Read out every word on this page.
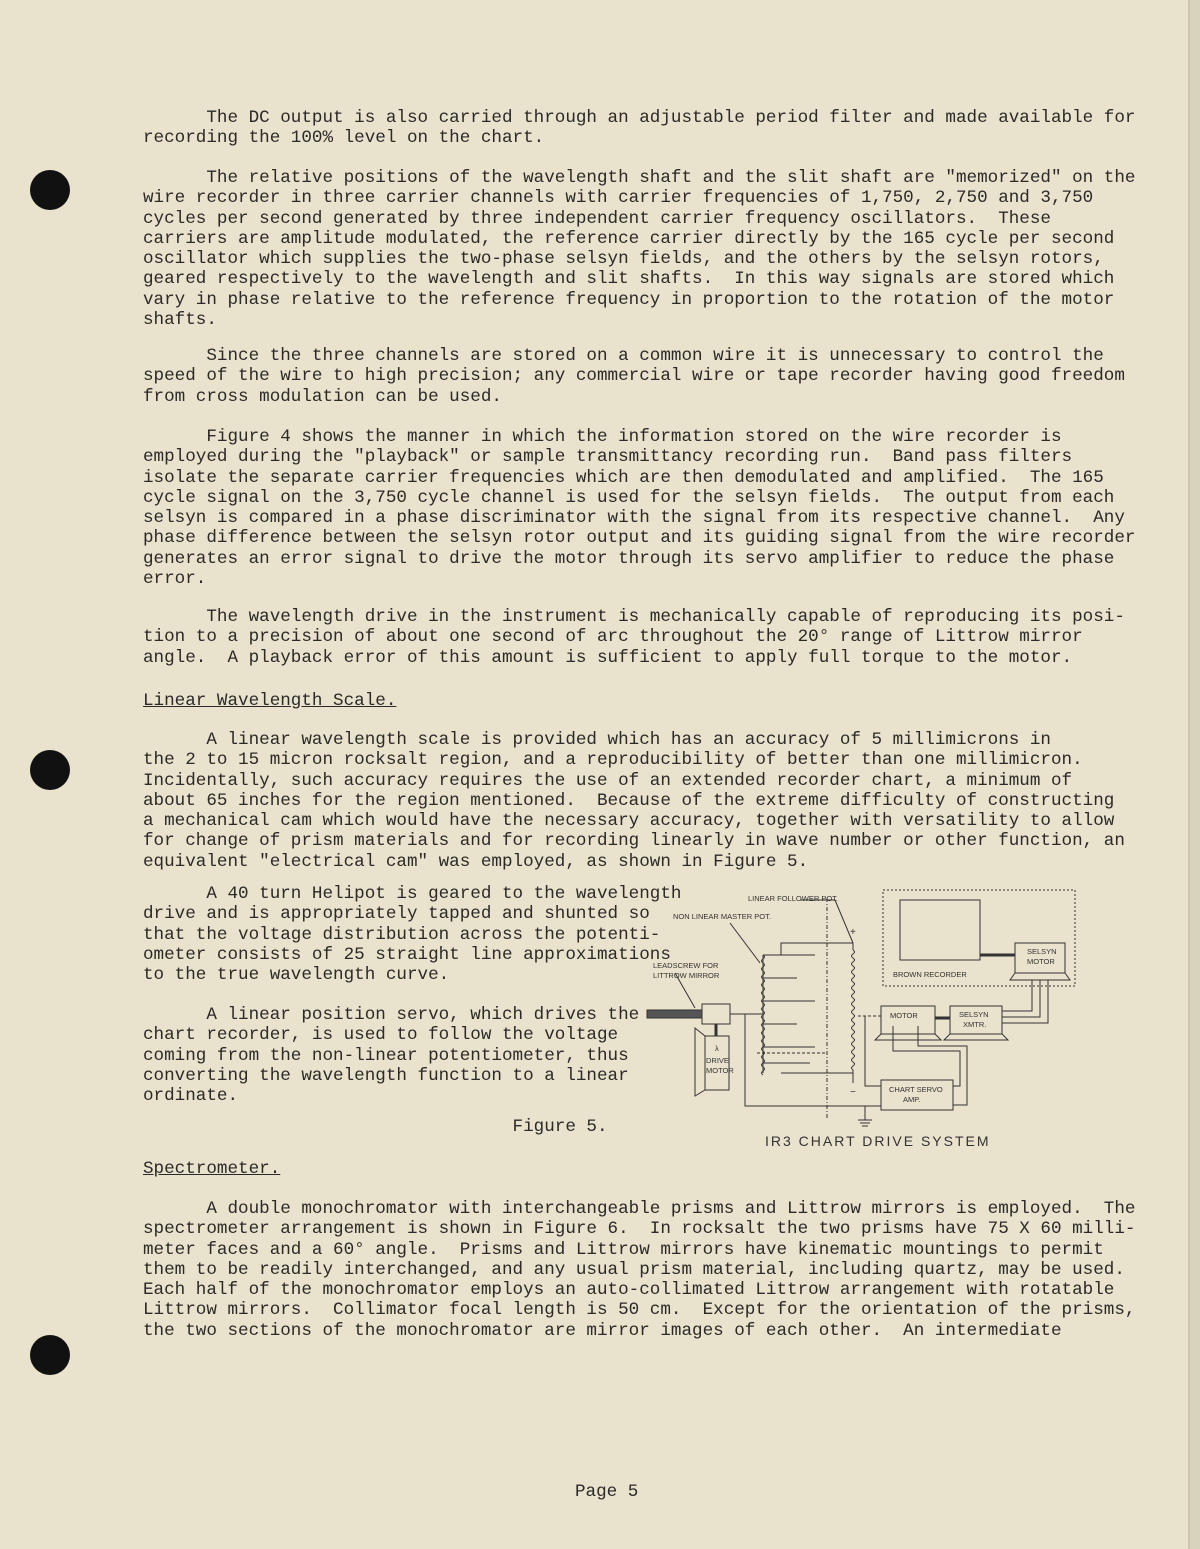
The DC output is also carried through an adjustable period filter and made available for
recording the 100% level on the chart.
The relative positions of the wavelength shaft and the slit shaft are "memorized" on the
wire recorder in three carrier channels with carrier frequencies of 1,750, 2,750 and 3,750
cycles per second generated by three independent carrier frequency oscillators.  These
carriers are amplitude modulated, the reference carrier directly by the 165 cycle per second
oscillator which supplies the two-phase selsyn fields, and the others by the selsyn rotors,
geared respectively to the wavelength and slit shafts.  In this way signals are stored which
vary in phase relative to the reference frequency in proportion to the rotation of the motor
shafts.
Since the three channels are stored on a common wire it is unnecessary to control the
speed of the wire to high precision; any commercial wire or tape recorder having good freedom
from cross modulation can be used.
Figure 4 shows the manner in which the information stored on the wire recorder is
employed during the "playback" or sample transmittancy recording run.  Band pass filters
isolate the separate carrier frequencies which are then demodulated and amplified.  The 165
cycle signal on the 3,750 cycle channel is used for the selsyn fields.  The output from each
selsyn is compared in a phase discriminator with the signal from its respective channel.  Any
phase difference between the selsyn rotor output and its guiding signal from the wire recorder
generates an error signal to drive the motor through its servo amplifier to reduce the phase
error.
The wavelength drive in the instrument is mechanically capable of reproducing its posi-
tion to a precision of about one second of arc throughout the 20° range of Littrow mirror
angle.  A playback error of this amount is sufficient to apply full torque to the motor.
Linear Wavelength Scale.
A linear wavelength scale is provided which has an accuracy of 5 millimicrons in
the 2 to 15 micron rocksalt region, and a reproducibility of better than one millimicron.
Incidentally, such accuracy requires the use of an extended recorder chart, a minimum of
about 65 inches for the region mentioned.  Because of the extreme difficulty of constructing
a mechanical cam which would have the necessary accuracy, together with versatility to allow
for change of prism materials and for recording linearly in wave number or other function, an
equivalent "electrical cam" was employed, as shown in Figure 5.
A 40 turn Helipot is geared to the wavelength
drive and is appropriately tapped and shunted so
that the voltage distribution across the potenti-
ometer consists of 25 straight line approximations
to the true wavelength curve.
A linear position servo, which drives the
chart recorder, is used to follow the voltage
coming from the non-linear potentiometer, thus
converting the wavelength function to a linear
ordinate.
Figure 5.
Spectrometer.
A double monochromator with interchangeable prisms and Littrow mirrors is employed.  The
spectrometer arrangement is shown in Figure 6.  In rocksalt the two prisms have 75 X 60 milli-
meter faces and a 60° angle.  Prisms and Littrow mirrors have kinematic mountings to permit
them to be readily interchanged, and any usual prism material, including quartz, may be used.
Each half of the monochromator employs an auto-collimated Littrow arrangement with rotatable
Littrow mirrors.  Collimator focal length is 50 cm.  Except for the orientation of the prisms,
the two sections of the monochromator are mirror images of each other.  An intermediate
LINEAR FOLLOWER POT.
NON LINEAR MASTER POT.
LEADSCREW FOR
LITTROW MIRROR
λ
DRIVE
MOTOR
BROWN RECORDER
SELSYN
MOTOR
MOTOR	SELSYN
XMTR.
CHART SERVO
AMP.
+
−
IR3 CHART DRIVE SYSTEM
Page 5
